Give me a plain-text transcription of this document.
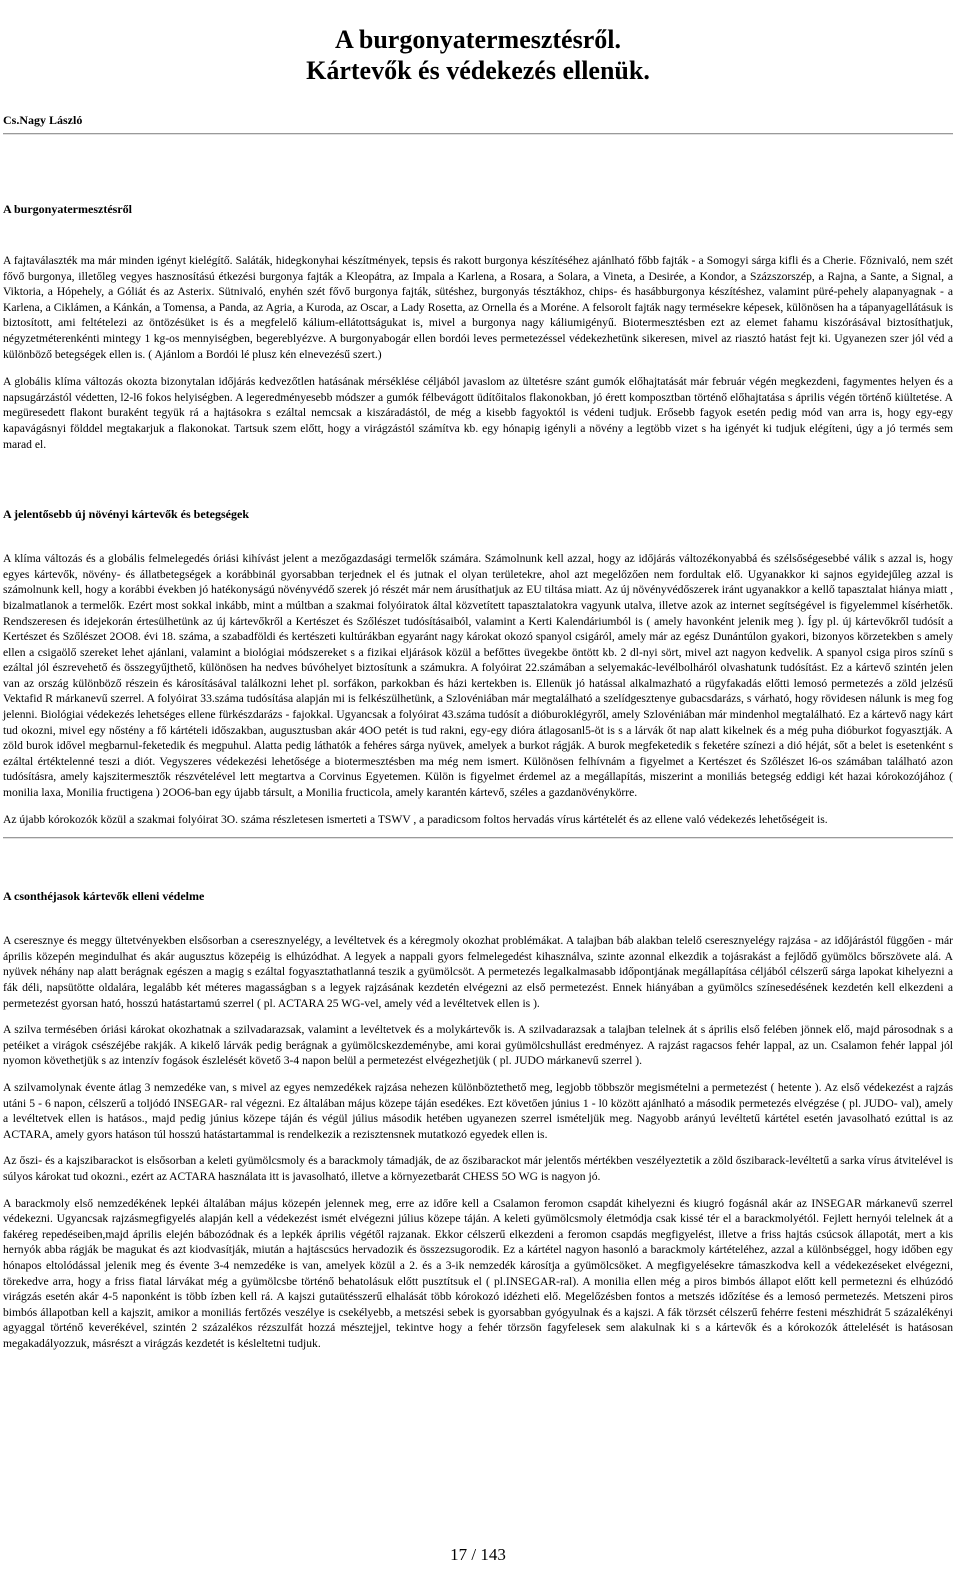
A burgonyatermesztésről.
Kártevők és védekezés ellenük.
Cs.Nagy László
A burgonyatermesztésről

A fajtaválaszték ma már minden igényt kielégítő. Saláták, hidegkonyhai készítmények, tepsis és rakott burgonya készítéséhez ajánlható főbb fajták - a Somogyi sárga kifli és a Cherie. Főznivaló, nem szét fővő burgonya, illetőleg vegyes hasznosítású étkezési burgonya fajták a Kleopátra, az Impala a Karlena, a Rosara, a Solara, a Vineta, a Desirée, a Kondor, a Százszorszép, a Rajna, a Sante, a Signal, a Viktoria, a Hópehely, a Góliát és az Asterix. Sütnivaló, enyhén szét fővő burgonya fajták, sütéshez, burgonyás tésztákhoz, chips- és hasábburgonya készítéshez, valamint püré-pehely alapanyagnak - a Karlena, a Ciklámen, a Kánkán, a Tomensa, a Panda, az Agria, a Kuroda, az Oscar, a Lady Rosetta, az Ornella és a Moréne. A felsorolt fajták nagy termésekre képesek, különösen ha a tápanyagellátásuk is biztosított, ami feltételezi az öntözésüket is és a megfelelő kálium-ellátottságukat is, mivel a burgonya nagy káliumigényű. Biotermesztésben ezt az elemet fahamu kiszórásával biztosíthatjuk, négyzetméterenkénti mintegy 1 kg-os mennyiségben, begereblyézve. A burgonyabogár ellen bordói leves permetezéssel védekezhetünk sikeresen, mivel az riasztó hatást fejt ki. Ugyanezen szer jól véd a különböző betegségek ellen is. ( Ajánlom a Bordói lé plusz kén elnevezésű szert.)

A globális klíma változás okozta bizonytalan időjárás kedvezőtlen hatásának mérséklése céljából javaslom az ültetésre szánt gumók előhajtatását már február végén megkezdeni, fagymentes helyen és a napsugárzástól védetten, l2-l6 fokos helyiségben. A legeredményesebb módszer a gumók félbevágott üdítőitalos flakonokban, jó érett komposztban történő előhajtatása s április végén történő kiültetése. A megüresedett flakont buraként tegyük rá a hajtásokra s ezáltal nemcsak a kiszáradástól, de még a kisebb fagyoktól is védeni tudjuk. Erősebb fagyok esetén pedig mód van arra is, hogy egy-egy kapavágásnyi földdel megtakarjuk a flakonokat. Tartsuk szem előtt, hogy a virágzástól számítva kb. egy hónapig igényli a növény a legtöbb vizet s ha igényét ki tudjuk elégíteni, úgy a jó termés sem marad el.

A jelentősebb új növényi kártevők és betegségek

A klíma változás és a globális felmelegedés óriási kihívást jelent a mezőgazdasági termelők számára. Számolnunk kell azzal, hogy az időjárás változékonyabbá és szélsőségesebbé válik s azzal is, hogy egyes kártevők, növény- és állatbetegségek a korábbinál gyorsabban terjednek el és jutnak el olyan területekre, ahol azt megelőzően nem fordultak elő. Ugyanakkor ki sajnos egyidejűleg azzal is számolnunk kell, hogy a korábbi években jó hatékonyságú növényvédő szerek jó részét már nem árusíthatjuk az EU tiltása miatt. Az új növényvédőszerek iránt ugyanakkor a kellő tapasztalat hiánya miatt , bizalmatlanok a termelők. Ezért most sokkal inkább, mint a múltban a szakmai folyóiratok által közvetített tapasztalatokra vagyunk utalva, illetve azok az internet segítségével is figyelemmel kísérhetők. Rendszeresen és idejekorán értesülhetünk az új kártevőkről a Kertészet és Szőlészet tudósításaiból, valamint a Kerti Kalendáriumból is ( amely havonként jelenik meg ). Így pl. új kártevőkről tudósít a Kertészet és Szőlészet 2OO8. évi 18. száma, a szabadföldi és kertészeti kultúrákban egyaránt nagy károkat okozó spanyol csigáról, amely már az egész Dunántúlon gyakori, bizonyos körzetekben s amely ellen a csigaölő szereket lehet ajánlani, valamint a biológiai módszereket s a fizikai eljárások közül a befőttes üvegekbe öntött kb. 2 dl-nyi sört, mivel azt nagyon kedvelik. A spanyol csiga piros színű s ezáltal jól észrevehető és összegyűjthető, különösen ha nedves búvóhelyet biztosítunk a számukra. A folyóirat 22.számában a selyemakác-levélbolháról olvashatunk tudósítást. Ez a kártevő szintén jelen van az ország különböző részein és károsításával találkozni lehet pl. sorfákon, parkokban és házi kertekben is. Ellenük jó hatással alkalmazható a rügyfakadás előtti lemosó permetezés a zöld jelzésű Vektafid R márkanevű szerrel. A folyóirat 33.száma tudósítása alapján mi is felkészülhetünk, a Szlovéniában már megtalálható a szelídgesztenye gubacsdarázs, s várható, hogy rövidesen nálunk is meg fog jelenni. Biológiai védekezés lehetséges ellene fürkészdarázs - fajokkal. Ugyancsak a folyóirat 43.száma tudósít a dióburoklégyről, amely Szlovéniában már mindenhol megtalálható. Ez a kártevő nagy kárt tud okozni, mivel egy nőstény a fő kártételi időszakban, augusztusban akár 4OO petét is tud rakni, egy-egy dióra átlagosanl5-öt is s a lárvák őt nap alatt kikelnek és a még puha dióburkot fogyasztják. A zöld burok idővel megbarnul-feketedik és megpuhul. Alatta pedig láthatók a fehéres sárga nyüvek, amelyek a burkot rágják. A burok megfeketedik s feketére színezi a dió héját, sőt a belet is esetenként s ezáltal értéktelenné teszi a diót. Vegyszeres védekezési lehetősége a biotermesztésben ma még nem ismert. Különösen felhívnám a figyelmet a Kertészet és Szőlészet l6-os számában található azon tudósításra, amely kajszitermesztők részvételével lett megtartva a Corvinus Egyetemen. Külön is figyelmet érdemel az a megállapítás, miszerint a moniliás betegség eddigi két hazai kórokozójához ( monilia laxa, Monilia fructigena ) 2OO6-ban egy újabb társult, a Monilia fructicola, amely karantén kártevő, széles a gazdanövénykörre.

Az újabb kórokozók közül a szakmai folyóirat 3O. száma részletesen ismerteti a TSWV , a paradicsom foltos hervadás vírus kártételét és az ellene való védekezés lehetőségeit is.

A csonthéjasok kártevők elleni védelme

A cseresznye és meggy ültetvényekben elsősorban a cseresznyelégy, a levéltetvek és a kéregmoly okozhat problémákat. A talajban báb alakban telelő cseresznyelégy rajzása - az időjárástól függően - már április közepén megindulhat és akár augusztus közepéig is elhúzódhat. A legyek a nappali gyors felmelegedést kihasználva, szinte azonnal elkezdik a tojásrakást a fejlődő gyümölcs bőrszövete alá. A nyüvek néhány nap alatt berágnak egészen a magig s ezáltal fogyasztathatlanná teszik a gyümölcsöt. A permetezés legalkalmasabb időpontjának megállapítása céljából célszerű sárga lapokat kihelyezni a fák déli, napsütötte oldalára, legalább két méteres magasságban s a legyek rajzásának kezdetén elvégezni az első permetezést. Ennek hiányában a gyümölcs színesedésének kezdetén kell elkezdeni a permetezést gyorsan ható, hosszú hatástartamú szerrel ( pl. ACTARA 25 WG-vel, amely véd a levéltetvek ellen is ).

A szilva termésében óriási károkat okozhatnak a szilvadarazsak, valamint a levéltetvek és a molykártevők is. A szilvadarazsak a talajban telelnek át s április első felében jönnek elő, majd párosodnak s a petéiket a virágok csészéjébe rakják. A kikelő lárvák pedig berágnak a gyümölcskezdeménybe, ami korai gyümölcshullást eredményez. A rajzást ragacsos fehér lappal, az un. Csalamon fehér lappal jól nyomon követhetjük s az intenzív fogások észlelését követő 3-4 napon belül a permetezést elvégezhetjük ( pl. JUDO márkanevű szerrel ).

A szilvamolynak évente átlag 3 nemzedéke van, s mivel az egyes nemzedékek rajzása nehezen különböztethető meg, legjobb többször megismételni a permetezést ( hetente ). Az első védekezést a rajzás utáni 5 - 6 napon, célszerű a toljódó INSEGAR- ral végezni. Ez általában május közepe táján esedékes. Ezt követően június 1 - l0 között ajánlható a második permetezés elvégzése ( pl. JUDO- val), amely a levéltetvek ellen is hatásos., majd pedig június közepe táján és végül július második hetében ugyanezen szerrel ismételjük meg. Nagyobb arányú levéltetű kártétel esetén javasolható ezúttal is az ACTARA, amely gyors hatáson túl hosszú hatástartammal is rendelkezik a rezisztensnek mutatkozó egyedek ellen is.

Az őszi- és a kajszibarackot is elsősorban a keleti gyümölcsmoly és a barackmoly támadják, de az őszibarackot már jelentős mértékben veszélyeztetik a zöld őszibarack-levéltetű a sarka vírus átvitelével is súlyos károkat tud okozni., ezért az ACTARA használata itt is javasolható, illetve a környezetbarát CHESS 5O WG is nagyon jó.

A barackmoly első nemzedékének lepkéi általában május közepén jelennek meg, erre az időre kell a Csalamon feromon csapdát kihelyezni és kiugró fogásnál akár az INSEGAR márkanevű szerrel védekezni. Ugyancsak rajzásmegfigyelés alapján kell a védekezést ismét elvégezni július közepe táján. A keleti gyümölcsmoly életmódja csak kissé tér el a barackmolyétól. Fejlett hernyói telelnek át a fakéreg repedéseiben,majd április elején bábozódnak és a lepkék április végétől rajzanak. Ekkor célszerű elkezdeni a feromon csapdás megfigyelést, illetve a friss hajtás csúcsok állapotát, mert a kis hernyók abba rágják be magukat és azt kiodvasítják, miután a hajtáscsúcs hervadozik és összezsugorodik. Ez a kártétel nagyon hasonló a barackmoly kártételéhez, azzal a különbséggel, hogy időben egy hónapos eltolódással jelenik meg és évente 3-4 nemzedéke is van, amelyek közül a 2. és a 3-ik nemzedék károsítja a gyümölcsöket. A megfigyelésekre támaszkodva kell a védekezéseket elvégezni, törekedve arra, hogy a friss fiatal lárvákat még a gyümölcsbe történő behatolásuk előtt pusztítsuk el ( pl.INSEGAR-ral). A monilia ellen még a piros bimbós állapot előtt kell permetezni és elhúzódó virágzás esetén akár 4-5 naponként is több ízben kell rá. A kajszi gutaütésszerű elhalását több kórokozó idézheti elő. Megelőzésben fontos a metszés időzítése és a lemosó permetezés. Metszeni piros bimbós állapotban kell a kajszit, amikor a moniliás fertőzés veszélye is csekélyebb, a metszési sebek is gyorsabban gyógyulnak és a kajszi. A fák törzsét célszerű fehérre festeni mészhidrát 5 százalékényi agyaggal történő keverékével, szintén 2 százalékos rézszulfát hozzá mésztejjel, tekintve hogy a fehér törzsön fagyfelesek sem alakulnak ki s a kártevők és a kórokozók áttelelését is hatásosan megakadályozzuk, másrészt a virágzás kezdetét is késleltetni tudjuk.

17 / 143
